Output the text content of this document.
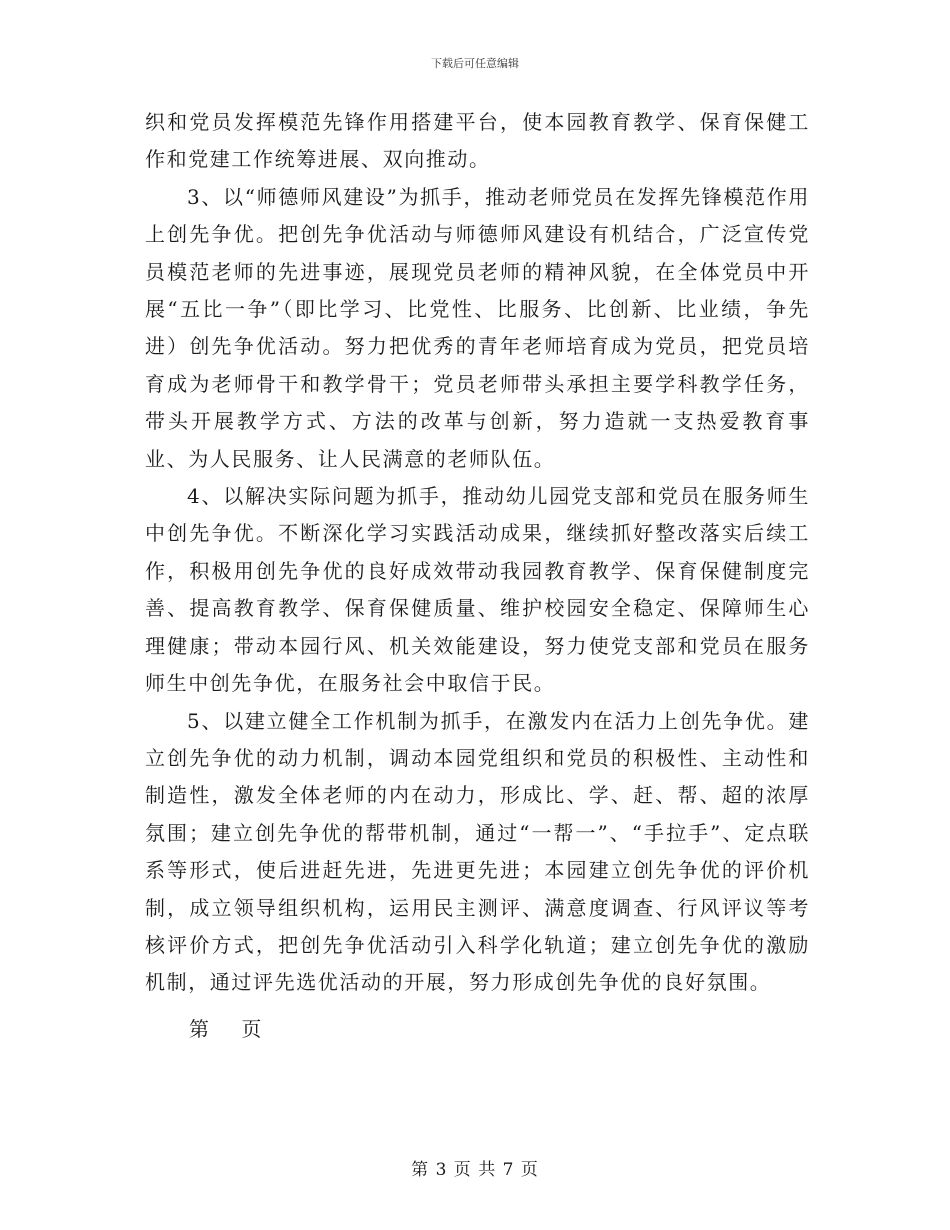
下载后可任意编辑

织和党员发挥模范先锋作用搭建平台，使本园教育教学、保育保健工作和党建工作统筹进展、双向推动。

3、以“师德师风建设”为抓手，推动老师党员在发挥先锋模范作用上创先争优。把创先争优活动与师德师风建设有机结合，广泛宣传党员模范老师的先进事迹，展现党员老师的精神风貌，在全体党员中开展“五比一争”（即比学习、比党性、比服务、比创新、比业绩，争先进）创先争优活动。努力把优秀的青年老师培育成为党员，把党员培育成为老师骨干和教学骨干；党员老师带头承担主要学科教学任务，带头开展教学方式、方法的改革与创新，努力造就一支热爱教育事业、为人民服务、让人民满意的老师队伍。

4、以解决实际问题为抓手，推动幼儿园党支部和党员在服务师生中创先争优。不断深化学习实践活动成果，继续抓好整改落实后续工作，积极用创先争优的良好成效带动我园教育教学、保育保健制度完善、提高教育教学、保育保健质量、维护校园安全稳定、保障师生心理健康；带动本园行风、机关效能建设，努力使党支部和党员在服务师生中创先争优，在服务社会中取信于民。

5、以建立健全工作机制为抓手，在激发内在活力上创先争优。建立创先争优的动力机制，调动本园党组织和党员的积极性、主动性和制造性，激发全体老师的内在动力，形成比、学、赶、帮、超的浓厚氛围；建立创先争优的帮带机制，通过“一帮一”、“手拉手”、定点联系等形式，使后进赶先进，先进更先进；本园建立创先争优的评价机制，成立领导组织机构，运用民主测评、满意度调查、行风评议等考核评价方式，把创先争优活动引入科学化轨道；建立创先争优的激励机制，通过评先选优活动的开展，努力形成创先争优的良好氛围。

第 页
第 3 页 共 7 页
